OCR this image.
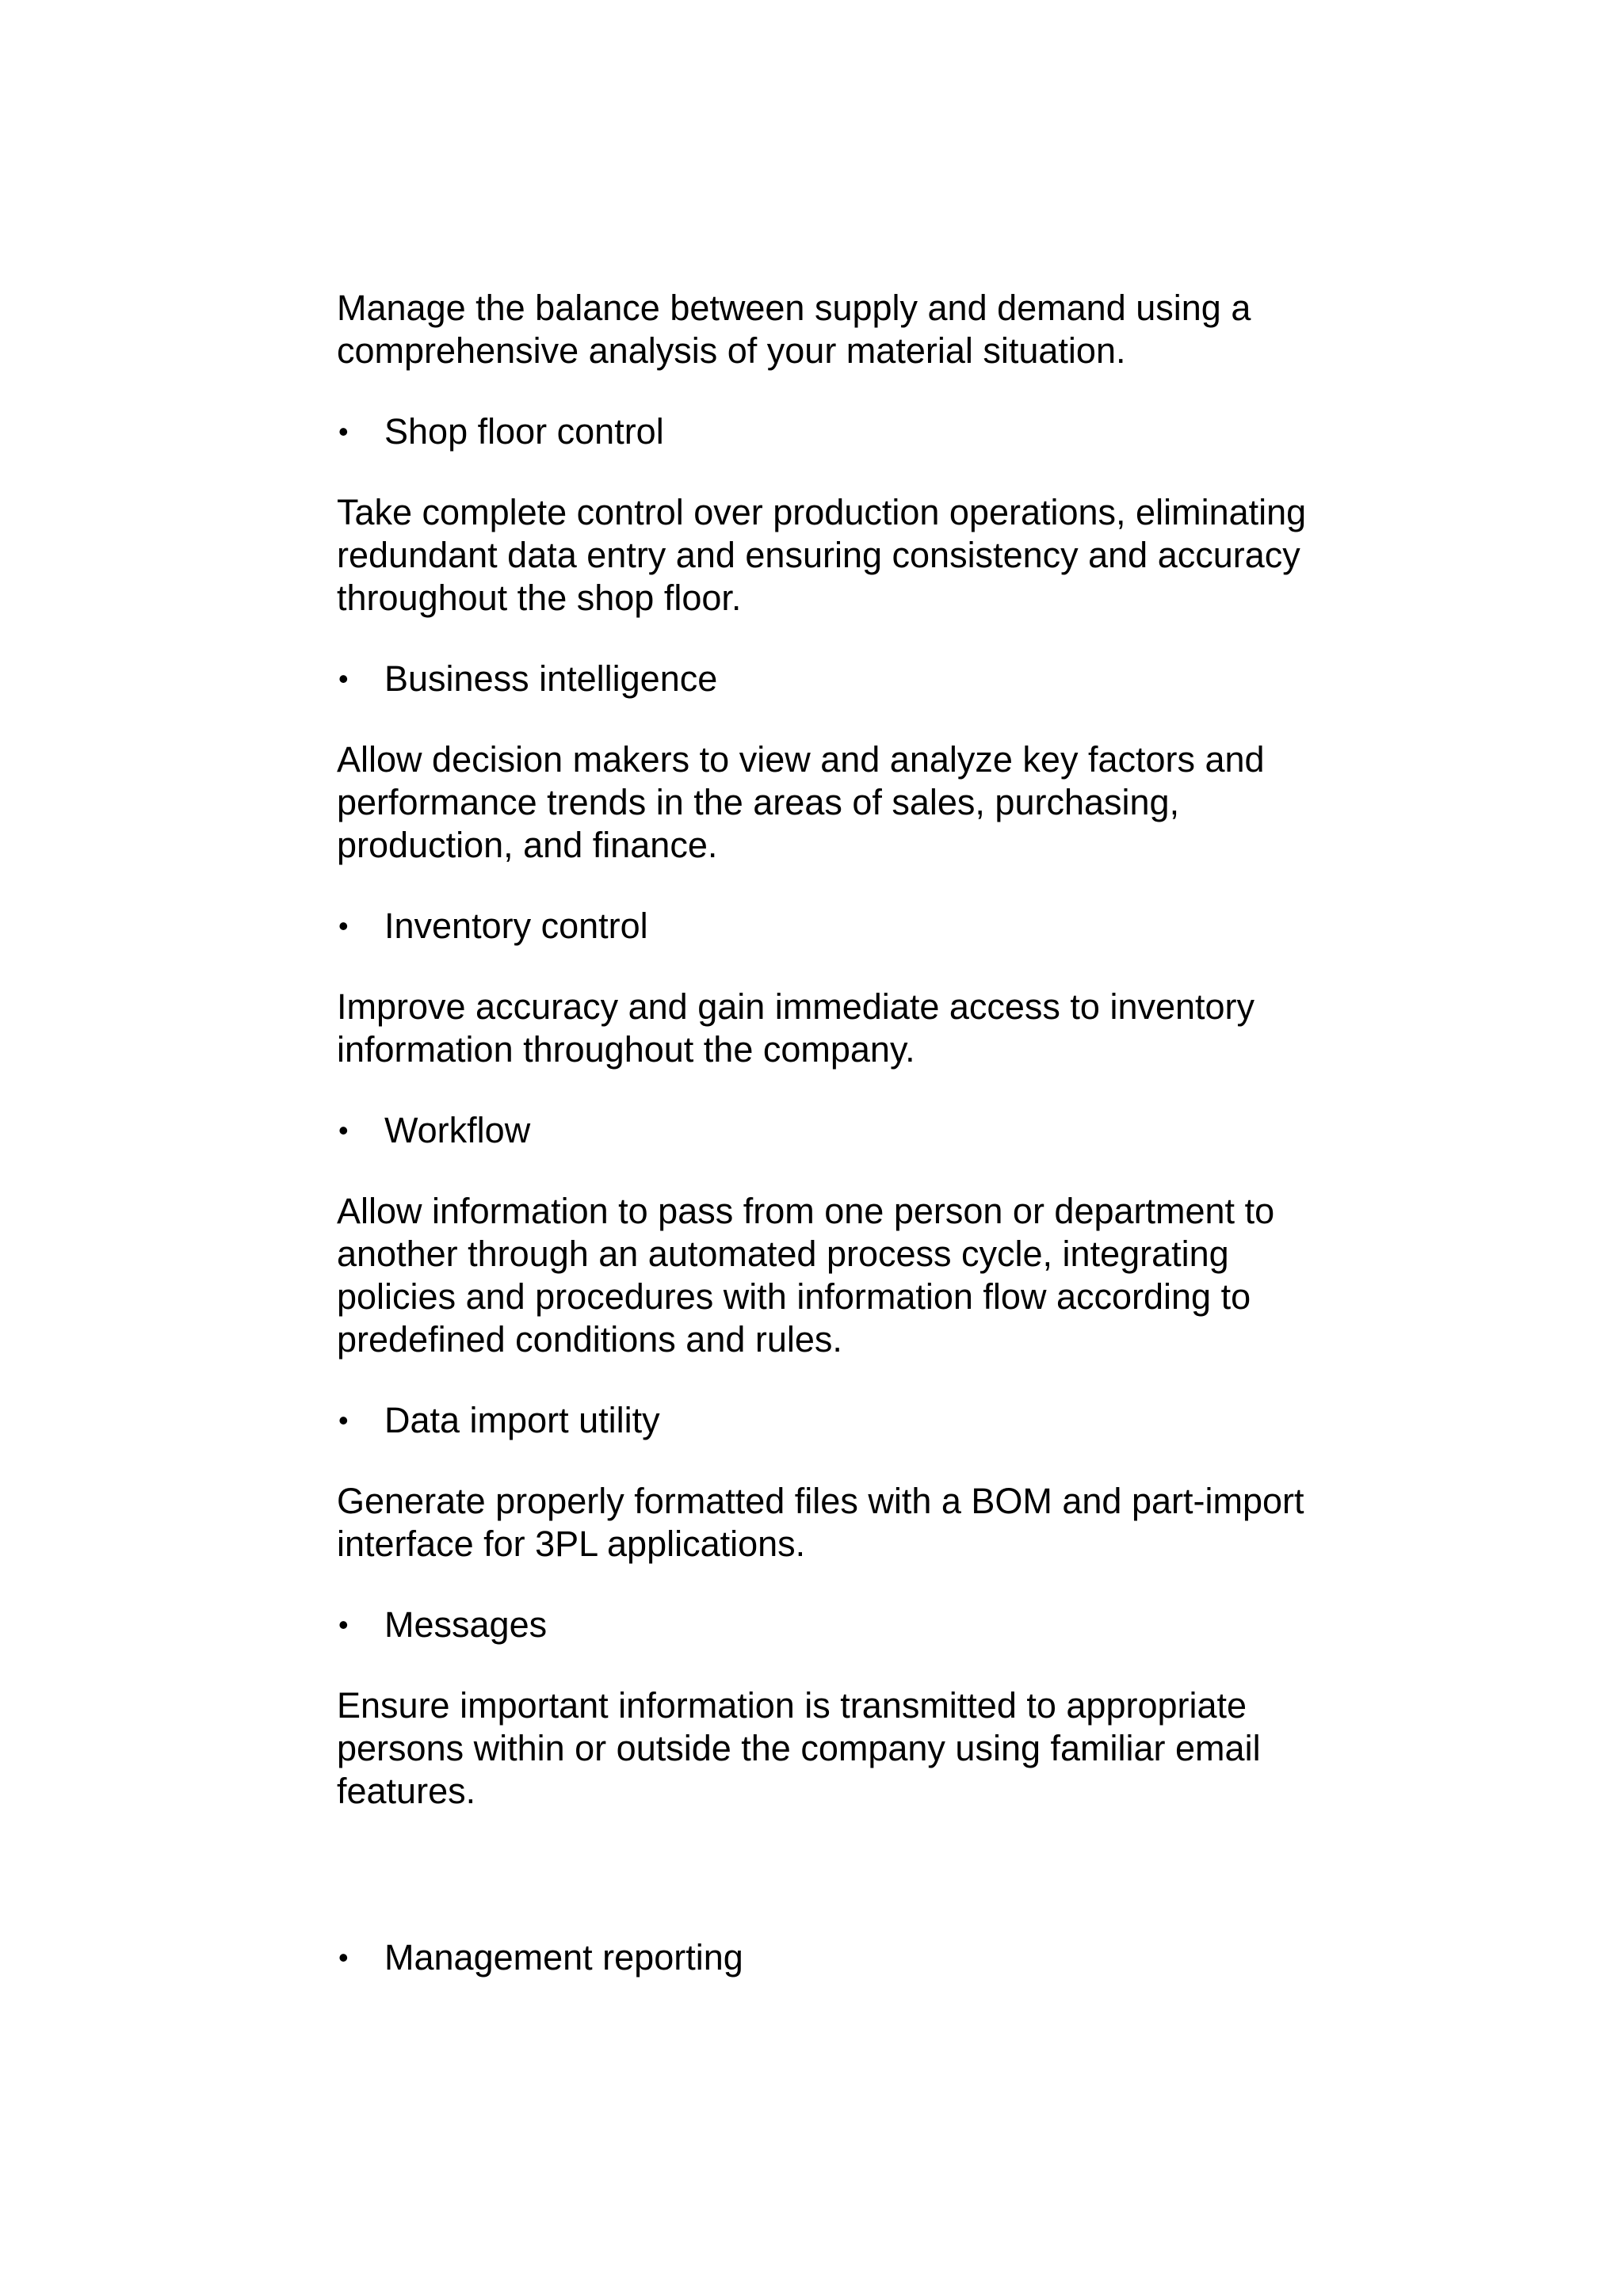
Manage the balance between supply and demand using a comprehensive analysis of your material situation.

• Shop floor control

Take complete control over production operations, eliminating redundant data entry and ensuring consistency and accuracy throughout the shop floor.

• Business intelligence

Allow decision makers to view and analyze key factors and performance trends in the areas of sales, purchasing, production, and finance.

• Inventory control

Improve accuracy and gain immediate access to inventory information throughout the company.

• Workflow

Allow information to pass from one person or department to another through an automated process cycle, integrating policies and procedures with information flow according to predefined conditions and rules.

• Data import utility

Generate properly formatted files with a BOM and part-import interface for 3PL applications.

• Messages

Ensure important information is transmitted to appropriate persons within or outside the company using familiar email features.

• Management reporting
